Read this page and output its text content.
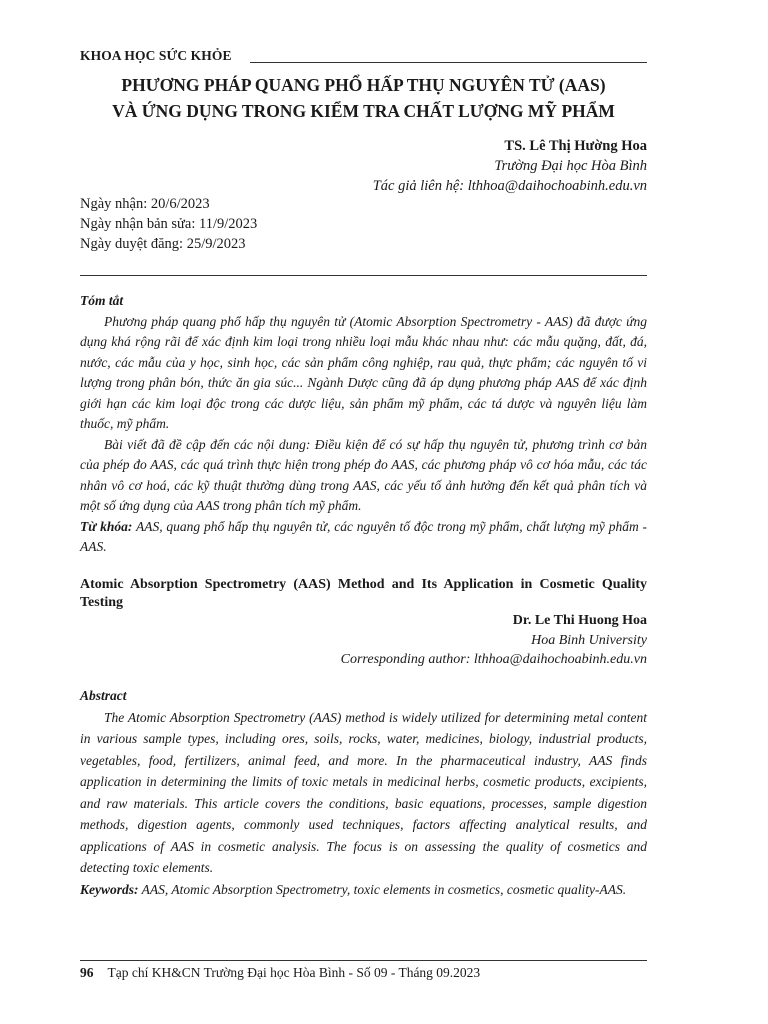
KHOA HỌC SỨC KHỎE
PHƯƠNG PHÁP QUANG PHỔ HẤP THỤ NGUYÊN TỬ (AAS)
VÀ ỨNG DỤNG TRONG KIỂM TRA CHẤT LƯỢNG MỸ PHẨM
TS. Lê Thị Hường Hoa
Trường Đại học Hòa Bình
Tác giả liên hệ: lthhoa@daihochoabinh.edu.vn
Ngày nhận: 20/6/2023
Ngày nhận bản sửa: 11/9/2023
Ngày duyệt đăng: 25/9/2023
Tóm tắt

Phương pháp quang phổ hấp thụ nguyên tử (Atomic Absorption Spectrometry - AAS) đã được ứng dụng khá rộng rãi để xác định kim loại trong nhiều loại mẫu khác nhau như: các mẫu quặng, đất, đá, nước, các mẫu của y học, sinh học, các sản phẩm công nghiệp, rau quả, thực phẩm; các nguyên tố vi lượng trong phân bón, thức ăn gia súc... Ngành Dược cũng đã áp dụng phương pháp AAS để xác định giới hạn các kim loại độc trong các dược liệu, sản phẩm mỹ phẩm, các tá dược và nguyên liệu làm thuốc, mỹ phẩm.

Bài viết đã đề cập đến các nội dung: Điều kiện để có sự hấp thụ nguyên tử, phương trình cơ bản của phép đo AAS, các quá trình thực hiện trong phép đo AAS, các phương pháp vô cơ hóa mẫu, các tác nhân vô cơ hoá, các kỹ thuật thường dùng trong AAS, các yếu tố ảnh hưởng đến kết quả phân tích và một số ứng dụng của AAS trong phân tích mỹ phẩm.

Từ khóa: AAS, quang phổ hấp thụ nguyên tử, các nguyên tố độc trong mỹ phẩm, chất lượng mỹ phẩm - AAS.

Atomic Absorption Spectrometry (AAS) Method and Its Application in Cosmetic Quality Testing
Dr. Le Thi Huong Hoa
Hoa Binh University
Corresponding author: lthhoa@daihochoabinh.edu.vn
Abstract

The Atomic Absorption Spectrometry (AAS) method is widely utilized for determining metal content in various sample types, including ores, soils, rocks, water, medicines, biology, industrial products, vegetables, food, fertilizers, animal feed, and more. In the pharmaceutical industry, AAS finds application in determining the limits of toxic metals in medicinal herbs, cosmetic products, excipients, and raw materials. This article covers the conditions, basic equations, processes, sample digestion methods, digestion agents, commonly used techniques, factors affecting analytical results, and applications of AAS in cosmetic analysis. The focus is on assessing the quality of cosmetics and detecting toxic elements.

Keywords: AAS, Atomic Absorption Spectrometry, toxic elements in cosmetics, cosmetic quality-AAS.

96 Tạp chí KH&CN Trường Đại học Hòa Bình - Số 09 - Tháng 09.2023
